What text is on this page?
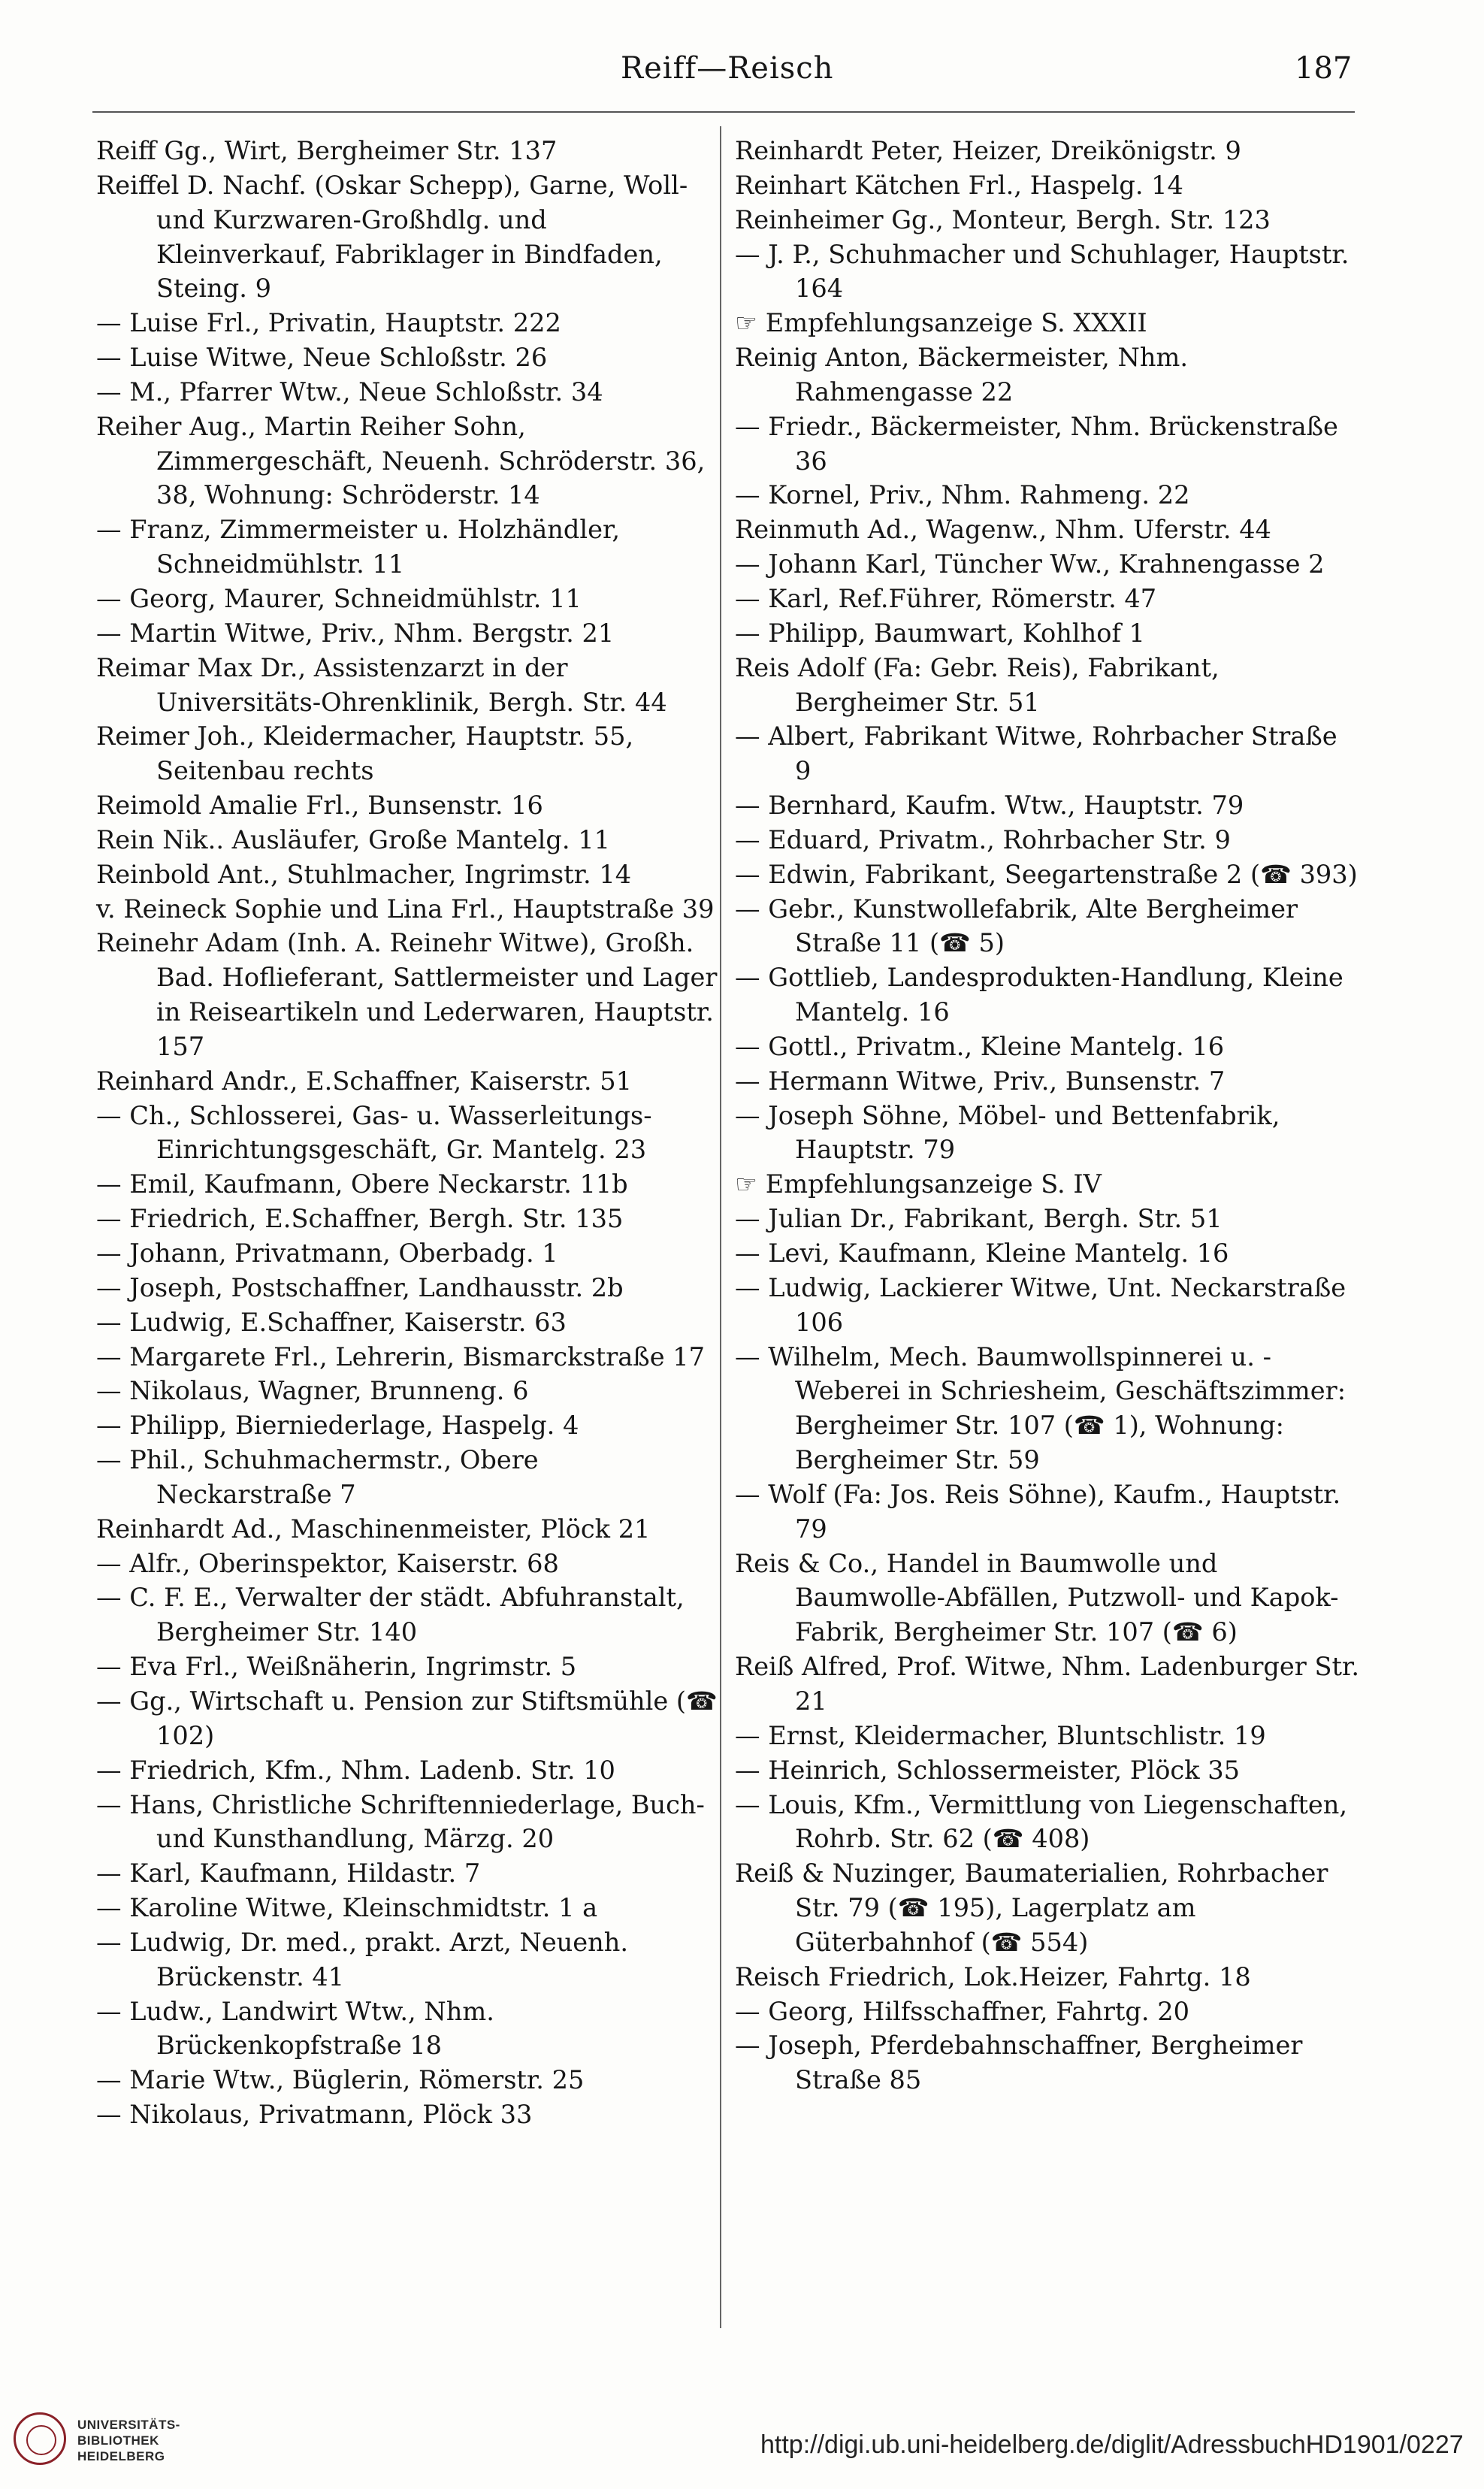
Reiff—Reisch	187
Reiff Gg., Wirt, Bergheimer Str. 137
Reiffel D. Nachf. (Oskar Schepp), Garne, Woll- und Kurzwaren-Großhdlg. und Kleinverkauf, Fabriklager in Bindfaden, Steing. 9
— Luise Frl., Privatin, Hauptstr. 222
— Luise Witwe, Neue Schloßstr. 26
— M., Pfarrer Wtw., Neue Schloßstr. 34
Reiher Aug., Martin Reiher Sohn, Zimmergeschäft, Neuenh. Schröderstr. 36, 38, Wohnung: Schröderstr. 14
— Franz, Zimmermeister u. Holzhändler, Schneidmühlstr. 11
— Georg, Maurer, Schneidmühlstr. 11
— Martin Witwe, Priv., Nhm. Bergstr. 21
Reimar Max Dr., Assistenzarzt in der Universitäts-Ohrenklinik, Bergh. Str. 44
Reimer Joh., Kleidermacher, Hauptstr. 55, Seitenbau rechts
Reimold Amalie Frl., Bunsenstr. 16
Rein Nik.. Ausläufer, Große Mantelg. 11
Reinbold Ant., Stuhlmacher, Ingrimstr. 14
v. Reineck Sophie und Lina Frl., Hauptstraße 39
Reinehr Adam (Inh. A. Reinehr Witwe), Großh. Bad. Hoflieferant, Sattlermeister und Lager in Reiseartikeln und Lederwaren, Hauptstr. 157
Reinhard Andr., E.Schaffner, Kaiserstr. 51
— Ch., Schlosserei, Gas- u. Wasserleitungs-Einrichtungsgeschäft, Gr. Mantelg. 23
— Emil, Kaufmann, Obere Neckarstr. 11b
— Friedrich, E.Schaffner, Bergh. Str. 135
— Johann, Privatmann, Oberbadg. 1
— Joseph, Postschaffner, Landhausstr. 2b
— Ludwig, E.Schaffner, Kaiserstr. 63
— Margarete Frl., Lehrerin, Bismarckstraße 17
— Nikolaus, Wagner, Brunneng. 6
— Philipp, Bierniederlage, Haspelg. 4
— Phil., Schuhmachermstr., Obere Neckarstraße 7
Reinhardt Ad., Maschinenmeister, Plöck 21
— Alfr., Oberinspektor, Kaiserstr. 68
— C. F. E., Verwalter der städt. Abfuhranstalt, Bergheimer Str. 140
— Eva Frl., Weißnäherin, Ingrimstr. 5
— Gg., Wirtschaft u. Pension zur Stiftsmühle (☎ 102)
— Friedrich, Kfm., Nhm. Ladenb. Str. 10
— Hans, Christliche Schriftenniederlage, Buch- und Kunsthandlung, Märzg. 20
— Karl, Kaufmann, Hildastr. 7
— Karoline Witwe, Kleinschmidtstr. 1 a
— Ludwig, Dr. med., prakt. Arzt, Neuenh. Brückenstr. 41
— Ludw., Landwirt Wtw., Nhm. Brückenkopfstraße 18
— Marie Wtw., Büglerin, Römerstr. 25
— Nikolaus, Privatmann, Plöck 33
Reinhardt Peter, Heizer, Dreikönigstr. 9
Reinhart Kätchen Frl., Haspelg. 14
Reinheimer Gg., Monteur, Bergh. Str. 123
— J. P., Schuhmacher und Schuhlager, Hauptstr. 164
☞ Empfehlungsanzeige S. XXXII
Reinig Anton, Bäckermeister, Nhm. Rahmengasse 22
— Friedr., Bäckermeister, Nhm. Brückenstraße 36
— Kornel, Priv., Nhm. Rahmeng. 22
Reinmuth Ad., Wagenw., Nhm. Uferstr. 44
— Johann Karl, Tüncher Ww., Krahnengasse 2
— Karl, Ref.Führer, Römerstr. 47
— Philipp, Baumwart, Kohlhof 1
Reis Adolf (Fa: Gebr. Reis), Fabrikant, Bergheimer Str. 51
— Albert, Fabrikant Witwe, Rohrbacher Straße 9
— Bernhard, Kaufm. Wtw., Hauptstr. 79
— Eduard, Privatm., Rohrbacher Str. 9
— Edwin, Fabrikant, Seegartenstraße 2 (☎ 393)
— Gebr., Kunstwollefabrik, Alte Bergheimer Straße 11 (☎ 5)
— Gottlieb, Landesprodukten-Handlung, Kleine Mantelg. 16
— Gottl., Privatm., Kleine Mantelg. 16
— Hermann Witwe, Priv., Bunsenstr. 7
— Joseph Söhne, Möbel- und Bettenfabrik, Hauptstr. 79
☞ Empfehlungsanzeige S. IV
— Julian Dr., Fabrikant, Bergh. Str. 51
— Levi, Kaufmann, Kleine Mantelg. 16
— Ludwig, Lackierer Witwe, Unt. Neckarstraße 106
— Wilhelm, Mech. Baumwollspinnerei u. -Weberei in Schriesheim, Geschäftszimmer: Bergheimer Str. 107 (☎ 1), Wohnung: Bergheimer Str. 59
— Wolf (Fa: Jos. Reis Söhne), Kaufm., Hauptstr. 79
Reis & Co., Handel in Baumwolle und Baumwolle-Abfällen, Putzwoll- und Kapok-Fabrik, Bergheimer Str. 107 (☎ 6)
Reiß Alfred, Prof. Witwe, Nhm. Ladenburger Str. 21
— Ernst, Kleidermacher, Bluntschlistr. 19
— Heinrich, Schlossermeister, Plöck 35
— Louis, Kfm., Vermittlung von Liegenschaften, Rohrb. Str. 62 (☎ 408)
Reiß & Nuzinger, Baumaterialien, Rohrbacher Str. 79 (☎ 195), Lagerplatz am Güterbahnhof (☎ 554)
Reisch Friedrich, Lok.Heizer, Fahrtg. 18
— Georg, Hilfsschaffner, Fahrtg. 20
— Joseph, Pferdebahnschaffner, Bergheimer Straße 85
UNIVERSITÄTS-
BIBLIOTHEK
HEIDELBERG	http://digi.ub.uni-heidelberg.de/diglit/AdressbuchHD1901/0227
